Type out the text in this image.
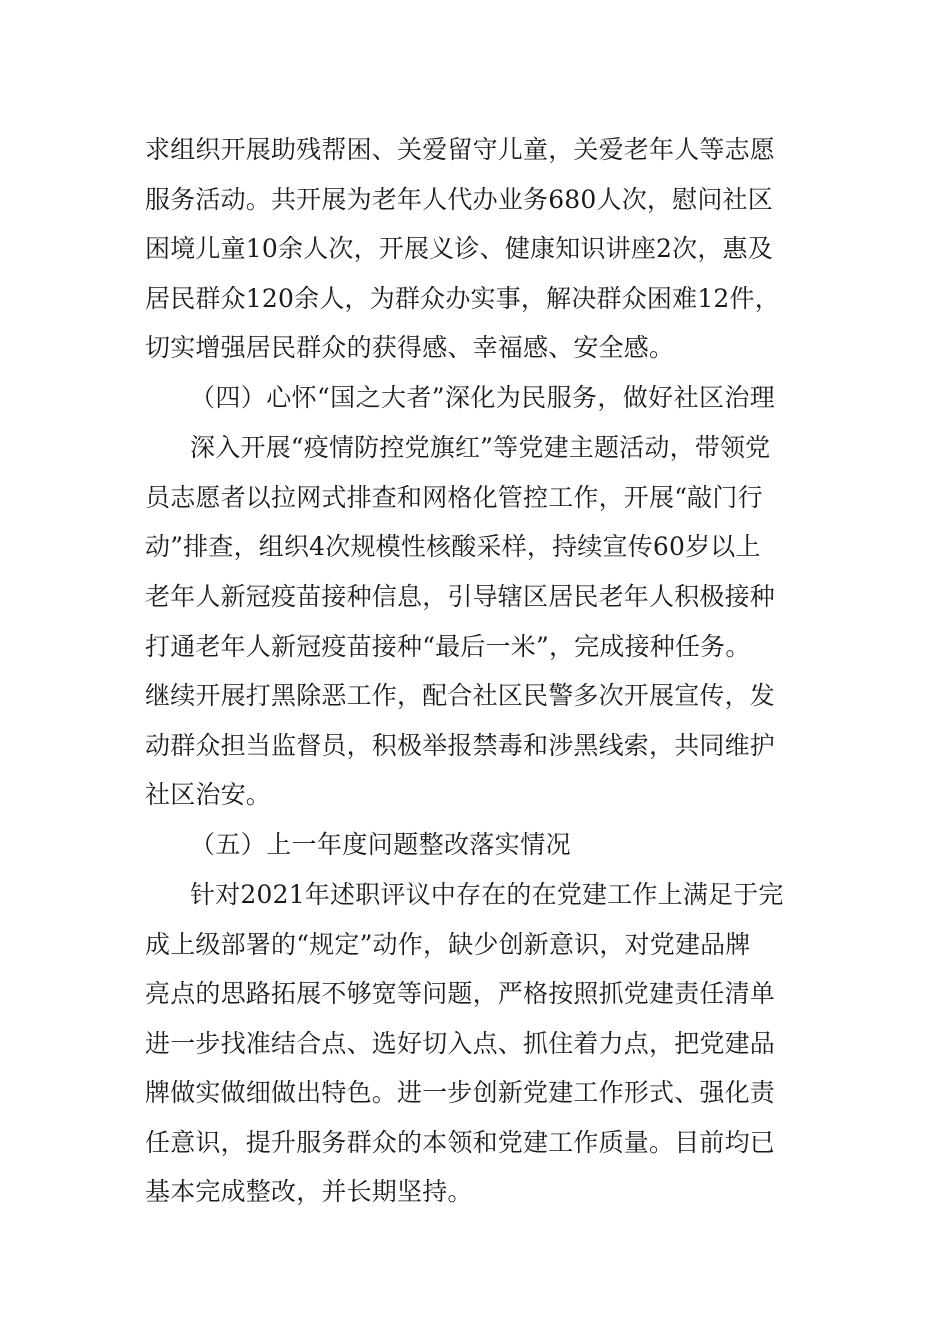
求组织开展助残帮困、关爱留守儿童，关爱老年人等志愿
服务活动。共开展为老年人代办业务680人次，慰问社区
困境儿童10余人次，开展义诊、健康知识讲座2次，惠及
居民群众120余人，为群众办实事，解决群众困难12件，
切实增强居民群众的获得感、幸福感、安全感。
（四）心怀“国之大者”深化为民服务，做好社区治理
深入开展“疫情防控党旗红”等党建主题活动，带领党
员志愿者以拉网式排查和网格化管控工作，开展“敲门行
动”排查，组织4次规模性核酸采样，持续宣传60岁以上
老年人新冠疫苗接种信息，引导辖区居民老年人积极接种
打通老年人新冠疫苗接种“最后一米”，完成接种任务。
继续开展打黑除恶工作，配合社区民警多次开展宣传，发
动群众担当监督员，积极举报禁毒和涉黑线索，共同维护
社区治安。
（五）上一年度问题整改落实情况
针对2021年述职评议中存在的在党建工作上满足于完
成上级部署的“规定”动作，缺少创新意识，对党建品牌
亮点的思路拓展不够宽等问题，严格按照抓党建责任清单
进一步找准结合点、选好切入点、抓住着力点，把党建品
牌做实做细做出特色。进一步创新党建工作形式、强化责
任意识，提升服务群众的本领和党建工作质量。目前均已
基本完成整改，并长期坚持。
